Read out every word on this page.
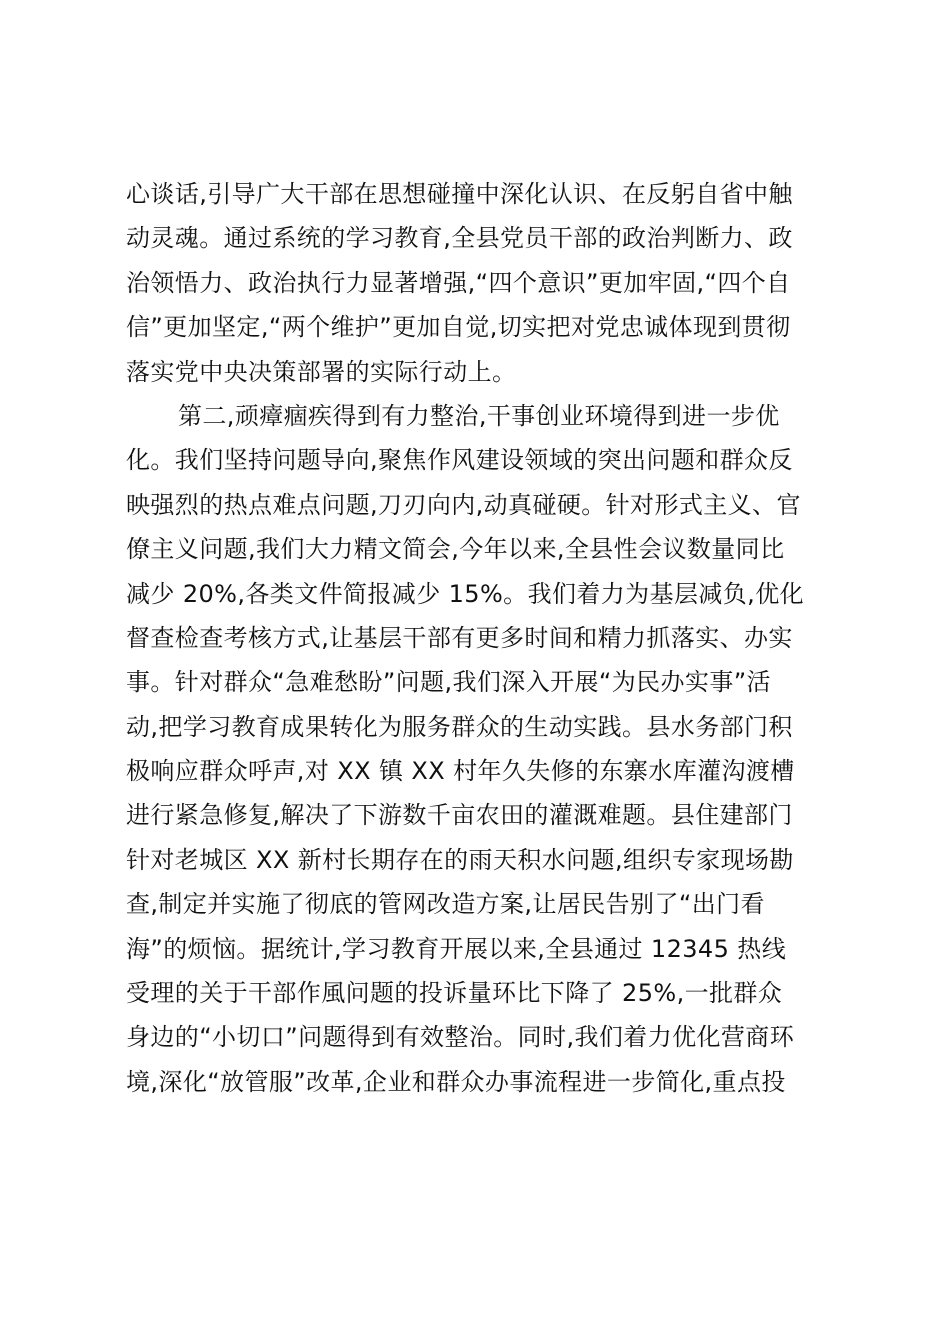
心谈话,引导广大干部在思想碰撞中深化认识、在反躬自省中触
动灵魂。通过系统的学习教育,全县党员干部的政治判断力、政
治领悟力、政治执行力显著增强,“四个意识”更加牢固,“四个自
信”更加坚定,“两个维护”更加自觉,切实把对党忠诚体现到贯彻
落实党中央决策部署的实际行动上。
第二,顽瘴痼疾得到有力整治,干事创业环境得到进一步优
化。我们坚持问题导向,聚焦作风建设领域的突出问题和群众反
映强烈的热点难点问题,刀刃向内,动真碰硬。针对形式主义、官
僚主义问题,我们大力精文简会,今年以来,全县性会议数量同比
减少 20%,各类文件简报减少 15%。我们着力为基层减负,优化
督查检查考核方式,让基层干部有更多时间和精力抓落实、办实
事。针对群众“急难愁盼”问题,我们深入开展“为民办实事”活
动,把学习教育成果转化为服务群众的生动实践。县水务部门积
极响应群众呼声,对 XX 镇 XX 村年久失修的东寨水库灌沟渡槽
进行紧急修复,解决了下游数千亩农田的灌溉难题。县住建部门
针对老城区 XX 新村长期存在的雨天积水问题,组织专家现场勘
查,制定并实施了彻底的管网改造方案,让居民告别了“出门看
海”的烦恼。据统计,学习教育开展以来,全县通过 12345 热线
受理的关于干部作風问题的投诉量环比下降了 25%,一批群众
身边的“小切口”问题得到有效整治。同时,我们着力优化营商环
境,深化“放管服”改革,企业和群众办事流程进一步简化,重点投
